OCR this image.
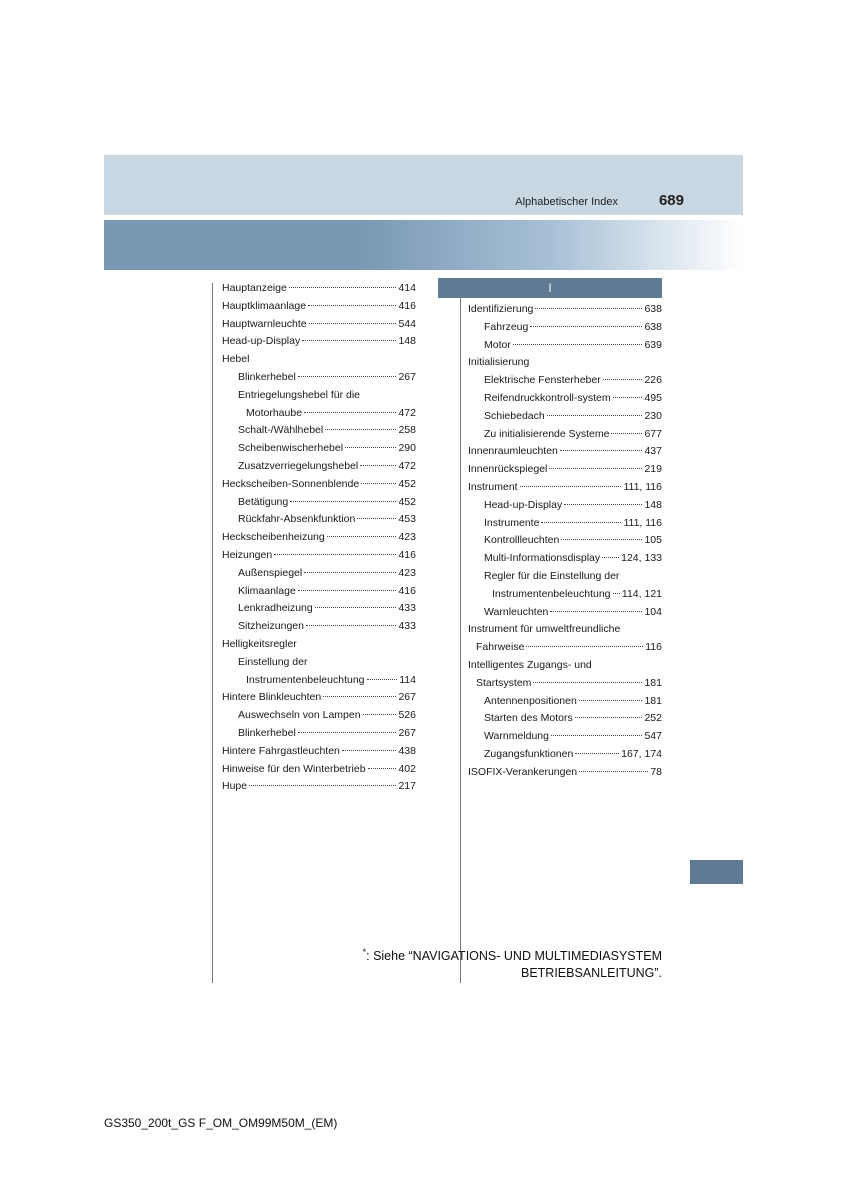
Alphabetischer Index	689
I
Hauptanzeige	414
Hauptklimaanlage	416
Hauptwarnleuchte	544
Head-up-Display	148
Hebel
Blinkerhebel	267
Entriegelungshebel für die
Motorhaube	472
Schalt-/Wählhebel	258
Scheibenwischerhebel	290
Zusatzverriegelungshebel	472
Heckscheiben-Sonnenblende	452
Betätigung	452
Rückfahr-Absenkfunktion	453
Heckscheibenheizung	423
Heizungen	416
Außenspiegel	423
Klimaanlage	416
Lenkradheizung	433
Sitzheizungen	433
Helligkeitsregler
Einstellung der
Instrumentenbeleuchtung	114
Hintere Blinkleuchten	267
Auswechseln von Lampen	526
Blinkerhebel	267
Hintere Fahrgastleuchten	438
Hinweise für den Winterbetrieb	402
Hupe	217
Identifizierung	638
Fahrzeug	638
Motor	639
Initialisierung
Elektrische Fensterheber	226
Reifendruckkontroll-system	495
Schiebedach	230
Zu initialisierende Systeme	677
Innenraumleuchten	437
Innenrückspiegel	219
Instrument	111, 116
Head-up-Display	148
Instrumente	111, 116
Kontrollleuchten	105
Multi-Informationsdisplay 124, 133
Regler für die Einstellung der
Instrumentenbeleuchtung 114, 121
Warnleuchten	104
Instrument für umweltfreundliche
Fahrweise	116
Intelligentes Zugangs- und
Startsystem	181
Antennenpositionen	181
Starten des Motors	252
Warnmeldung	547
Zugangsfunktionen	167, 174
ISOFIX-Verankerungen	78
*: Siehe “NAVIGATIONS- UND MULTIMEDIASYSTEM
BETRIEBSANLEITUNG”.
GS350_200t_GS F_OM_OM99M50M_(EM)
